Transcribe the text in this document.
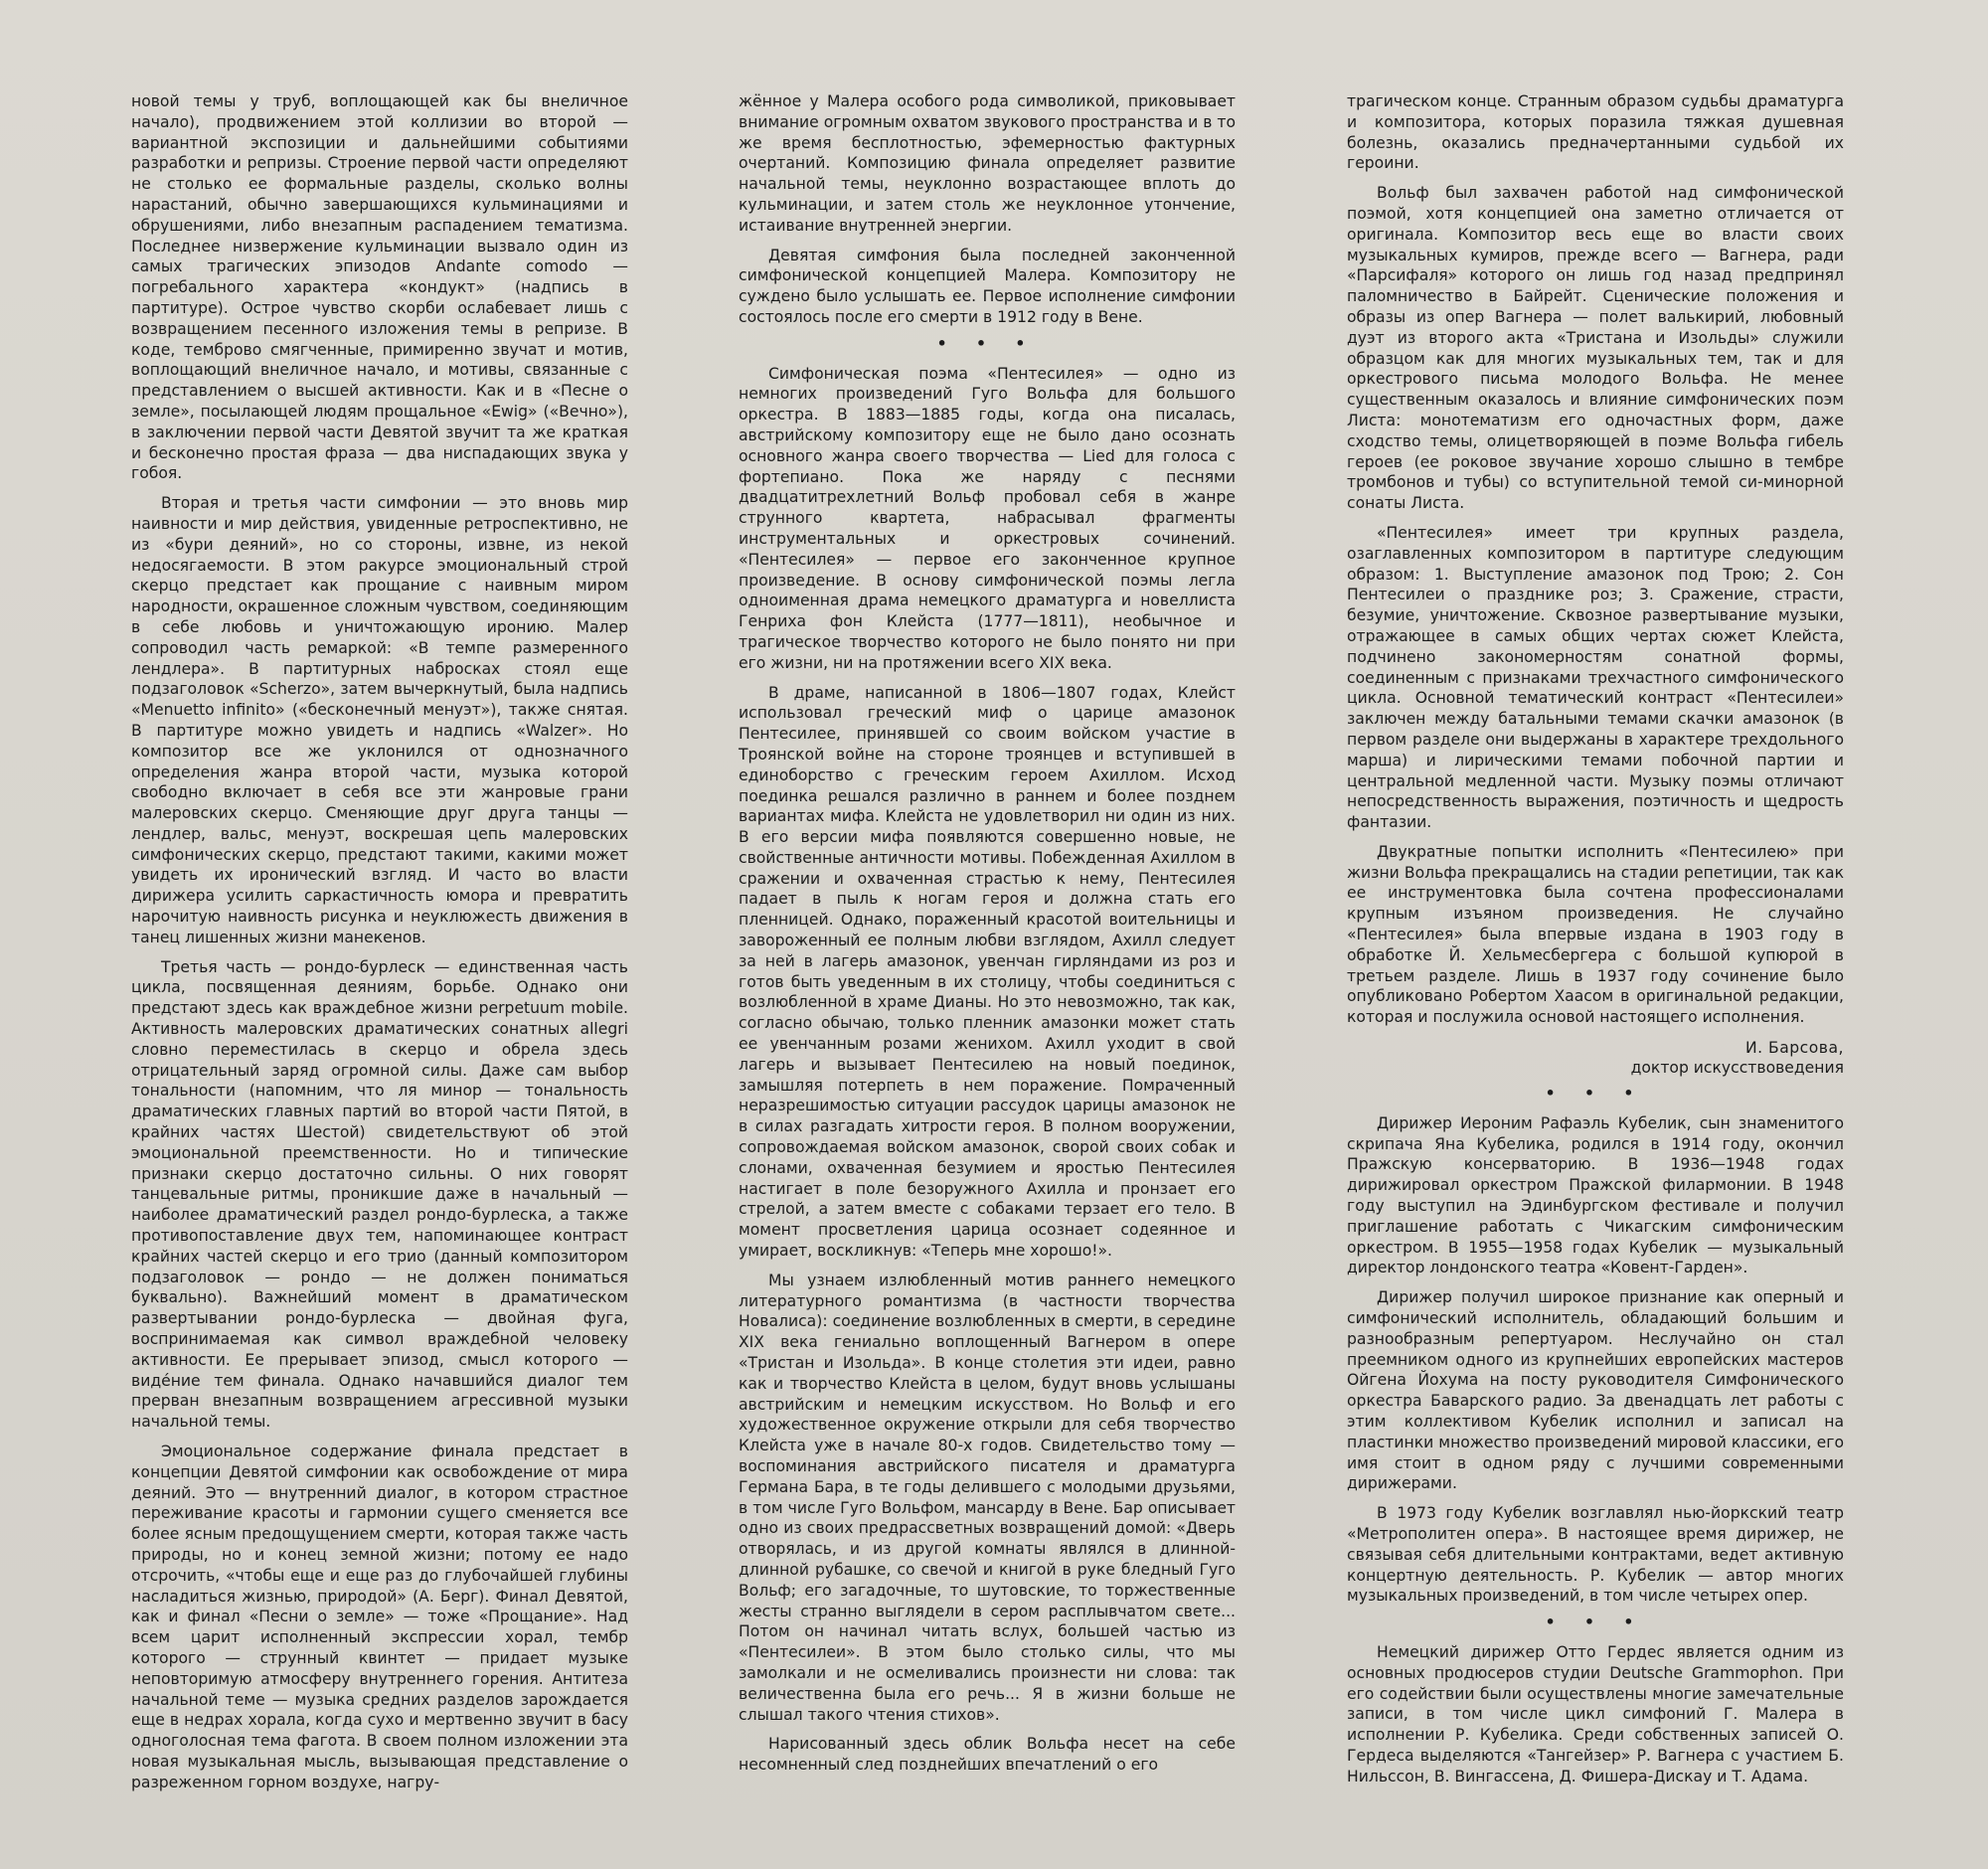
новой темы у труб, воплощающей как бы внеличное начало), продвижением этой коллизии во второй — вариантной экспозиции и дальнейшими событиями разработки и репризы. Строение первой части определяют не столько ее формальные разделы, сколько волны нарастаний, обычно завершающихся кульминациями и обрушениями, либо внезапным распадением тематизма. Последнее низвержение кульминации вызвало один из самых трагических эпизодов Andante comodo — погребального характера «кондукт» (надпись в партитуре). Острое чувство скорби ослабевает лишь с возвращением песенного изложения темы в репризе. В коде, темброво смягченные, примиренно звучат и мотив, воплощающий внеличное начало, и мотивы, связанные с представлением о высшей активности. Как и в «Песне о земле», посылающей людям прощальное «Ewig» («Вечно»), в заключении первой части Девятой звучит та же краткая и бесконечно простая фраза — два ниспадающих звука у гобоя.

Вторая и третья части симфонии — это вновь мир наивности и мир действия, увиденные ретроспективно, не из «бури деяний», но со стороны, извне, из некой недосягаемости. В этом ракурсе эмоциональный строй скерцо предстает как прощание с наивным миром народности, окрашенное сложным чувством, соединяющим в себе любовь и уничтожающую иронию. Малер сопроводил часть ремаркой: «В темпе размеренного лендлера». В партитурных набросках стоял еще подзаголовок «Scherzo», затем вычеркнутый, была надпись «Menuetto infinito» («бесконечный менуэт»), также снятая. В партитуре можно увидеть и надпись «Walzer». Но композитор все же уклонился от однозначного определения жанра второй части, музыка которой свободно включает в себя все эти жанровые грани малеровских скерцо. Сменяющие друг друга танцы — лендлер, вальс, менуэт, воскрешая цепь малеровских симфонических скерцо, предстают такими, какими может увидеть их иронический взгляд. И часто во власти дирижера усилить саркастичность юмора и превратить нарочитую наивность рисунка и неуклюжесть движения в танец лишенных жизни манекенов.

Третья часть — рондо-бурлеск — единственная часть цикла, посвященная деяниям, борьбе. Однако они предстают здесь как враждебное жизни perpetuum mobile. Активность малеровских драматических сонатных allegri словно переместилась в скерцо и обрела здесь отрицательный заряд огромной силы. Даже сам выбор тональности (напомним, что ля минор — тональность драматических главных партий во второй части Пятой, в крайних частях Шестой) свидетельствуют об этой эмоциональной преемственности. Но и типические признаки скерцо достаточно сильны. О них говорят танцевальные ритмы, проникшие даже в начальный — наиболее драматический раздел рондо-бурлеска, а также противопоставление двух тем, напоминающее контраст крайних частей скерцо и его трио (данный композитором подзаголовок — рондо — не должен пониматься буквально). Важнейший момент в драматическом развертывании рондо-бурлеска — двойная фуга, воспринимаемая как символ враждебной человеку активности. Ее прерывает эпизод, смысл которого — видéние тем финала. Однако начавшийся диалог тем прерван внезапным возвращением агрессивной музыки начальной темы.

Эмоциональное содержание финала предстает в концепции Девятой симфонии как освобождение от мира деяний. Это — внутренний диалог, в котором страстное переживание красоты и гармонии сущего сменяется все более ясным предощущением смерти, которая также часть природы, но и конец земной жизни; потому ее надо отсрочить, «чтобы еще и еще раз до глубочайшей глубины насладиться жизнью, природой» (А. Берг). Финал Девятой, как и финал «Песни о земле» — тоже «Прощание». Над всем царит исполненный экспрессии хорал, тембр которого — струнный квинтет — придает музыке неповторимую атмосферу внутреннего горения. Антитеза начальной теме — музыка средних разделов зарождается еще в недрах хорала, когда сухо и мертвенно звучит в басу одноголосная тема фагота. В своем полном изложении эта новая музыкальная мысль, вызывающая представление о разреженном горном воздухе, нагру-

жённое у Малера особого рода символикой, приковывает внимание огромным охватом звукового пространства и в то же время бесплотностью, эфемерностью фактурных очертаний. Композицию финала определяет развитие начальной темы, неуклонно возрастающее вплоть до кульминации, и затем столь же неуклонное утончение, истаивание внутренней энергии.

Девятая симфония была последней законченной симфонической концепцией Малера. Композитору не суждено было услышать ее. Первое исполнение симфонии состоялось после его смерти в 1912 году в Вене.

• • •

Симфоническая поэма «Пентесилея» — одно из немногих произведений Гуго Вольфа для большого оркестра. В 1883—1885 годы, когда она писалась, австрийскому композитору еще не было дано осознать основного жанра своего творчества — Lied для голоса с фортепиано. Пока же наряду с песнями двадцатитрехлетний Вольф пробовал себя в жанре струнного квартета, набрасывал фрагменты инструментальных и оркестровых сочинений. «Пентесилея» — первое его законченное крупное произведение. В основу симфонической поэмы легла одноименная драма немецкого драматурга и новеллиста Генриха фон Клейста (1777—1811), необычное и трагическое творчество которого не было понято ни при его жизни, ни на протяжении всего XIX века.

В драме, написанной в 1806—1807 годах, Клейст использовал греческий миф о царице амазонок Пентесилее, принявшей со своим войском участие в Троянской войне на стороне троянцев и вступившей в единоборство с греческим героем Ахиллом. Исход поединка решался различно в раннем и более позднем вариантах мифа. Клейста не удовлетворил ни один из них. В его версии мифа появляются совершенно новые, не свойственные античности мотивы. Побежденная Ахиллом в сражении и охваченная страстью к нему, Пентесилея падает в пыль к ногам героя и должна стать его пленницей. Однако, пораженный красотой воительницы и завороженный ее полным любви взглядом, Ахилл следует за ней в лагерь амазонок, увенчан гирляндами из роз и готов быть уведенным в их столицу, чтобы соединиться с возлюбленной в храме Дианы. Но это невозможно, так как, согласно обычаю, только пленник амазонки может стать ее увенчанным розами женихом. Ахилл уходит в свой лагерь и вызывает Пентесилею на новый поединок, замышляя потерпеть в нем поражение. Помраченный неразрешимостью ситуации рассудок царицы амазонок не в силах разгадать хитрости героя. В полном вооружении, сопровождаемая войском амазонок, сворой своих собак и слонами, охваченная безумием и яростью Пентесилея настигает в поле безоружного Ахилла и пронзает его стрелой, а затем вместе с собаками терзает его тело. В момент просветления царица осознает содеянное и умирает, воскликнув: «Теперь мне хорошо!».

Мы узнаем излюбленный мотив раннего немецкого литературного романтизма (в частности творчества Новалиса): соединение возлюбленных в смерти, в середине XIX века гениально воплощенный Вагнером в опере «Тристан и Изольда». В конце столетия эти идеи, равно как и творчество Клейста в целом, будут вновь услышаны австрийским и немецким искусством. Но Вольф и его художественное окружение открыли для себя творчество Клейста уже в начале 80-х годов. Свидетельство тому — воспоминания австрийского писателя и драматурга Германа Бара, в те годы делившего с молодыми друзьями, в том числе Гуго Вольфом, мансарду в Вене. Бар описывает одно из своих предрассветных возвращений домой: «Дверь отворялась, и из другой комнаты являлся в длинной-длинной рубашке, со свечой и книгой в руке бледный Гуго Вольф; его загадочные, то шутовские, то торжественные жесты странно выглядели в сером расплывчатом свете... Потом он начинал читать вслух, большей частью из «Пентесилеи». В этом было столько силы, что мы замолкали и не осмеливались произнести ни слова: так величественна была его речь... Я в жизни больше не слышал такого чтения стихов».

Нарисованный здесь облик Вольфа несет на себе несомненный след позднейших впечатлений о его

трагическом конце. Странным образом судьбы драматурга и композитора, которых поразила тяжкая душевная болезнь, оказались предначертанными судьбой их героини.

Вольф был захвачен работой над симфонической поэмой, хотя концепцией она заметно отличается от оригинала. Композитор весь еще во власти своих музыкальных кумиров, прежде всего — Вагнера, ради «Парсифаля» которого он лишь год назад предпринял паломничество в Байрейт. Сценические положения и образы из опер Вагнера — полет валькирий, любовный дуэт из второго акта «Тристана и Изольды» служили образцом как для многих музыкальных тем, так и для оркестрового письма молодого Вольфа. Не менее существенным оказалось и влияние симфонических поэм Листа: монотематизм его одночастных форм, даже сходство темы, олицетворяющей в поэме Вольфа гибель героев (ее роковое звучание хорошо слышно в тембре тромбонов и тубы) со вступительной темой си-минорной сонаты Листа.

«Пентесилея» имеет три крупных раздела, озаглавленных композитором в партитуре следующим образом: 1. Выступление амазонок под Трою; 2. Сон Пентесилеи о празднике роз; 3. Сражение, страсти, безумие, уничтожение. Сквозное развертывание музыки, отражающее в самых общих чертах сюжет Клейста, подчинено закономерностям сонатной формы, соединенным с признаками трехчастного симфонического цикла. Основной тематический контраст «Пентесилеи» заключен между батальными темами скачки амазонок (в первом разделе они выдержаны в характере трехдольного марша) и лирическими темами побочной партии и центральной медленной части. Музыку поэмы отличают непосредственность выражения, поэтичность и щедрость фантазии.

Двукратные попытки исполнить «Пентесилею» при жизни Вольфа прекращались на стадии репетиции, так как ее инструментовка была сочтена профессионалами крупным изъяном произведения. Не случайно «Пентесилея» была впервые издана в 1903 году в обработке Й. Хельмесбергера с большой купюрой в третьем разделе. Лишь в 1937 году сочинение было опубликовано Робертом Хаасом в оригинальной редакции, которая и послужила основой настоящего исполнения.

И. Барсова,
доктор искусствоведения
• • •

Дирижер Иероним Рафаэль Кубелик, сын знаменитого скрипача Яна Кубелика, родился в 1914 году, окончил Пражскую консерваторию. В 1936—1948 годах дирижировал оркестром Пражской филармонии. В 1948 году выступил на Эдинбургском фестивале и получил приглашение работать с Чикагским симфоническим оркестром. В 1955—1958 годах Кубелик — музыкальный директор лондонского театра «Ковент-Гарден».

Дирижер получил широкое признание как оперный и симфонический исполнитель, обладающий большим и разнообразным репертуаром. Неслучайно он стал преемником одного из крупнейших европейских мастеров Ойгена Йохума на посту руководителя Симфонического оркестра Баварского радио. За двенадцать лет работы с этим коллективом Кубелик исполнил и записал на пластинки множество произведений мировой классики, его имя стоит в одном ряду с лучшими современными дирижерами.

В 1973 году Кубелик возглавлял нью-йоркский театр «Метрополитен опера». В настоящее время дирижер, не связывая себя длительными контрактами, ведет активную концертную деятельность. Р. Кубелик — автор многих музыкальных произведений, в том числе четырех опер.

• • •

Немецкий дирижер Отто Гердес является одним из основных продюсеров студии Deutsche Grammophon. При его содействии были осуществлены многие замечательные записи, в том числе цикл симфоний Г. Малера в исполнении Р. Кубелика. Среди собственных записей О. Гердеса выделяются «Тангейзер» Р. Вагнера с участием Б. Нильссон, В. Вингассена, Д. Фишера-Дискау и Т. Адама.
